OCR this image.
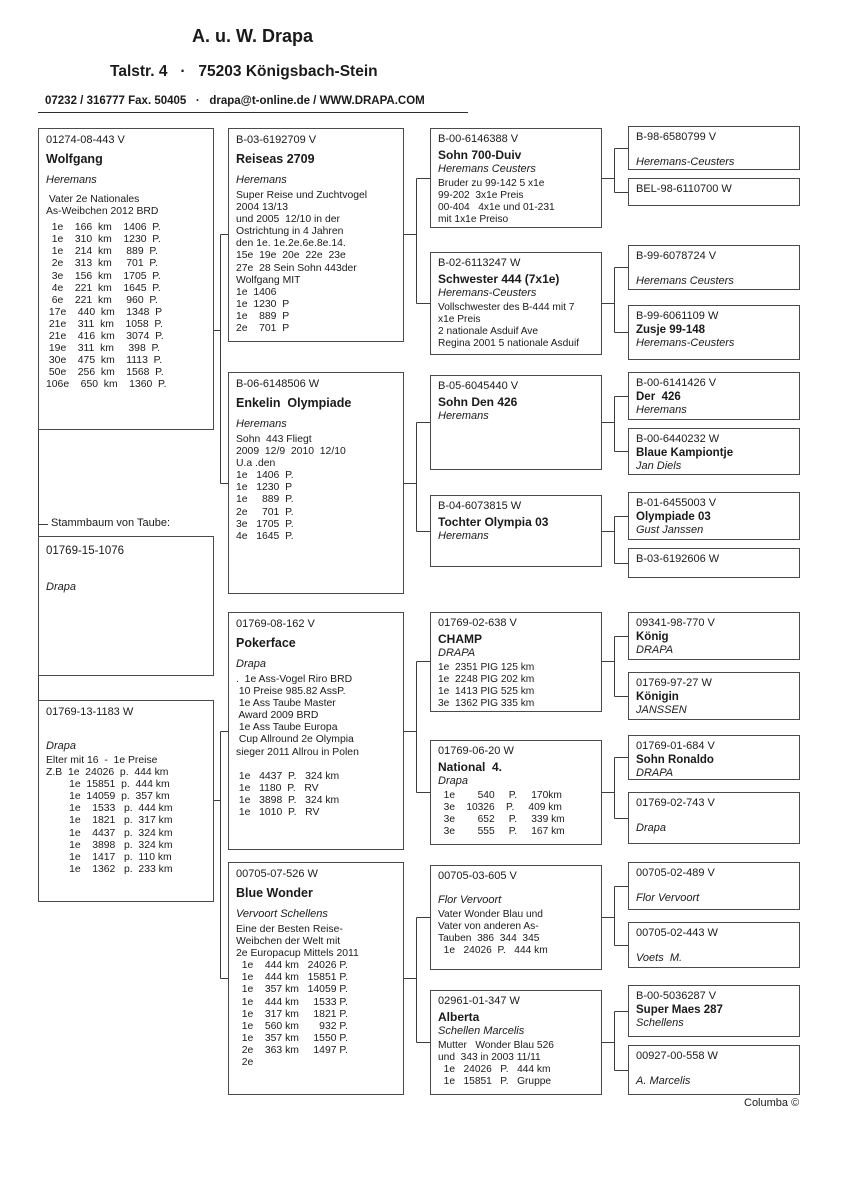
A. u. W. Drapa
Talstr. 4   ·   75203 Königsbach-Stein
07232 / 316777 Fax. 50405   ·   drapa@t-online.de / WWW.DRAPA.COM
01274-08-443 V
Wolfgang
Heremans
Vater 2e Nationales
As-Weibchen 2012 BRD
1e    166  km    1406  P.
1e    310  km    1230  P.
1e    214  km     889  P.
2e    313  km     701  P.
3e    156  km    1705  P.
4e    221  km    1645  P.
6e    221  km     960  P.
17e    440  km    1348  P
21e    311  km    1058  P.
21e    416  km    3074  P.
19e    311  km     398  P.
30e    475  km    1113  P.
50e    256  km    1568  P.
106e    650  km    1360  P.
Stammbaum von Taube:
01769-15-1076
Drapa
01769-13-1183 W
Drapa
Elter mit 16  -  1e Preise
Z.B  1e  24026  p.  444 km
1e  15851  p.  444 km
1e  14059  p.  357 km
1e    1533   p.  444 km
1e    1821   p.  317 km
1e    4437   p.  324 km
1e    3898   p.  324 km
1e    1417   p.  110 km
1e    1362   p.  233 km
B-03-6192709 V
Reiseas 2709
Heremans
Super Reise und Zuchtvogel
2004 13/13
und 2005  12/10 in der
Ostrichtung in 4 Jahren
den 1e. 1e.2e.6e.8e.14.
15e  19e  20e  22e  23e
27e  28 Sein Sohn 443der
Wolfgang MIT
1e  1406
1e  1230  P
1e    889  P
2e    701  P
B-06-6148506 W
Enkelin  Olympiade
Heremans
Sohn  443 Fliegt
2009  12/9  2010  12/10
U.a .den
1e   1406  P.
1e   1230  P
1e     889  P.
2e     701  P.
3e   1705  P.
4e   1645  P.
01769-08-162 V
Pokerface
Drapa
.  1e Ass-Vogel Riro BRD
10 Preise 985.82 AssP.
1e Ass Taube Master
Award 2009 BRD
1e Ass Taube Europa
Cup Allround 2e Olympia
sieger 2011 Allrou in Polen

1e   4437  P.   324 km
1e   1180  P.   RV
1e   3898  P.   324 km
1e   1010  P.   RV
00705-07-526 W
Blue Wonder
Vervoort Schellens
Eine der Besten Reise-
Weibchen der Welt mit
2e Europacup Mittels 2011
1e    444 km   24026 P.
1e    444 km   15851 P.
1e    357 km   14059 P.
1e    444 km     1533 P.
1e    317 km     1821 P.
1e    560 km       932 P.
1e    357 km     1550 P.
2e    363 km     1497 P.
2e
B-00-6146388 V
Sohn 700-Duiv
Heremans Ceusters
Bruder zu 99-142 5 x1e
99-202  3x1e Preis
00-404   4x1e und 01-231
mit 1x1e Preiso
B-02-6113247 W
Schwester 444 (7x1e)
Heremans-Ceusters
Vollschwester des B-444 mit 7
x1e Preis
2 nationale Asduif Ave
Regina 2001 5 nationale Asduif
B-05-6045440 V
Sohn Den 426
Heremans
B-04-6073815 W
Tochter Olympia 03
Heremans
01769-02-638 V
CHAMP
DRAPA
1e  2351 PIG 125 km
1e  2248 PIG 202 km
1e  1413 PIG 525 km
3e  1362 PIG 335 km
01769-06-20 W
National  4.
Drapa
1e        540     P.     170km
3e    10326    P.     409 km
3e        652     P.     339 km
3e        555     P.     167 km
00705-03-605 V
Flor Vervoort
Vater Wonder Blau und
Vater von anderen As-
Tauben  386  344  345
1e   24026  P.   444 km
02961-01-347 W
Alberta
Schellen Marcelis
Mutter   Wonder Blau 526
und  343 in 2003 11/11
1e   24026   P.   444 km
1e   15851   P.   Gruppe
B-98-6580799 V
Heremans-Ceusters
BEL-98-6110700 W
B-99-6078724 V
Heremans Ceusters
B-99-6061109 W
Zusje 99-148
Heremans-Ceusters
B-00-6141426 V
Der  426
Heremans
B-00-6440232 W
Blaue Kampiontje
Jan Diels
B-01-6455003 V
Olympiade 03
Gust Janssen
B-03-6192606 W
09341-98-770 V
König
DRAPA
01769-97-27 W
Königin
JANSSEN
01769-01-684 V
Sohn Ronaldo
DRAPA
01769-02-743 V
Drapa
00705-02-489 V
Flor Vervoort
00705-02-443 W
Voets  M.
B-00-5036287 V
Super Maes 287
Schellens
00927-00-558 W
A. Marcelis
Columba ©
